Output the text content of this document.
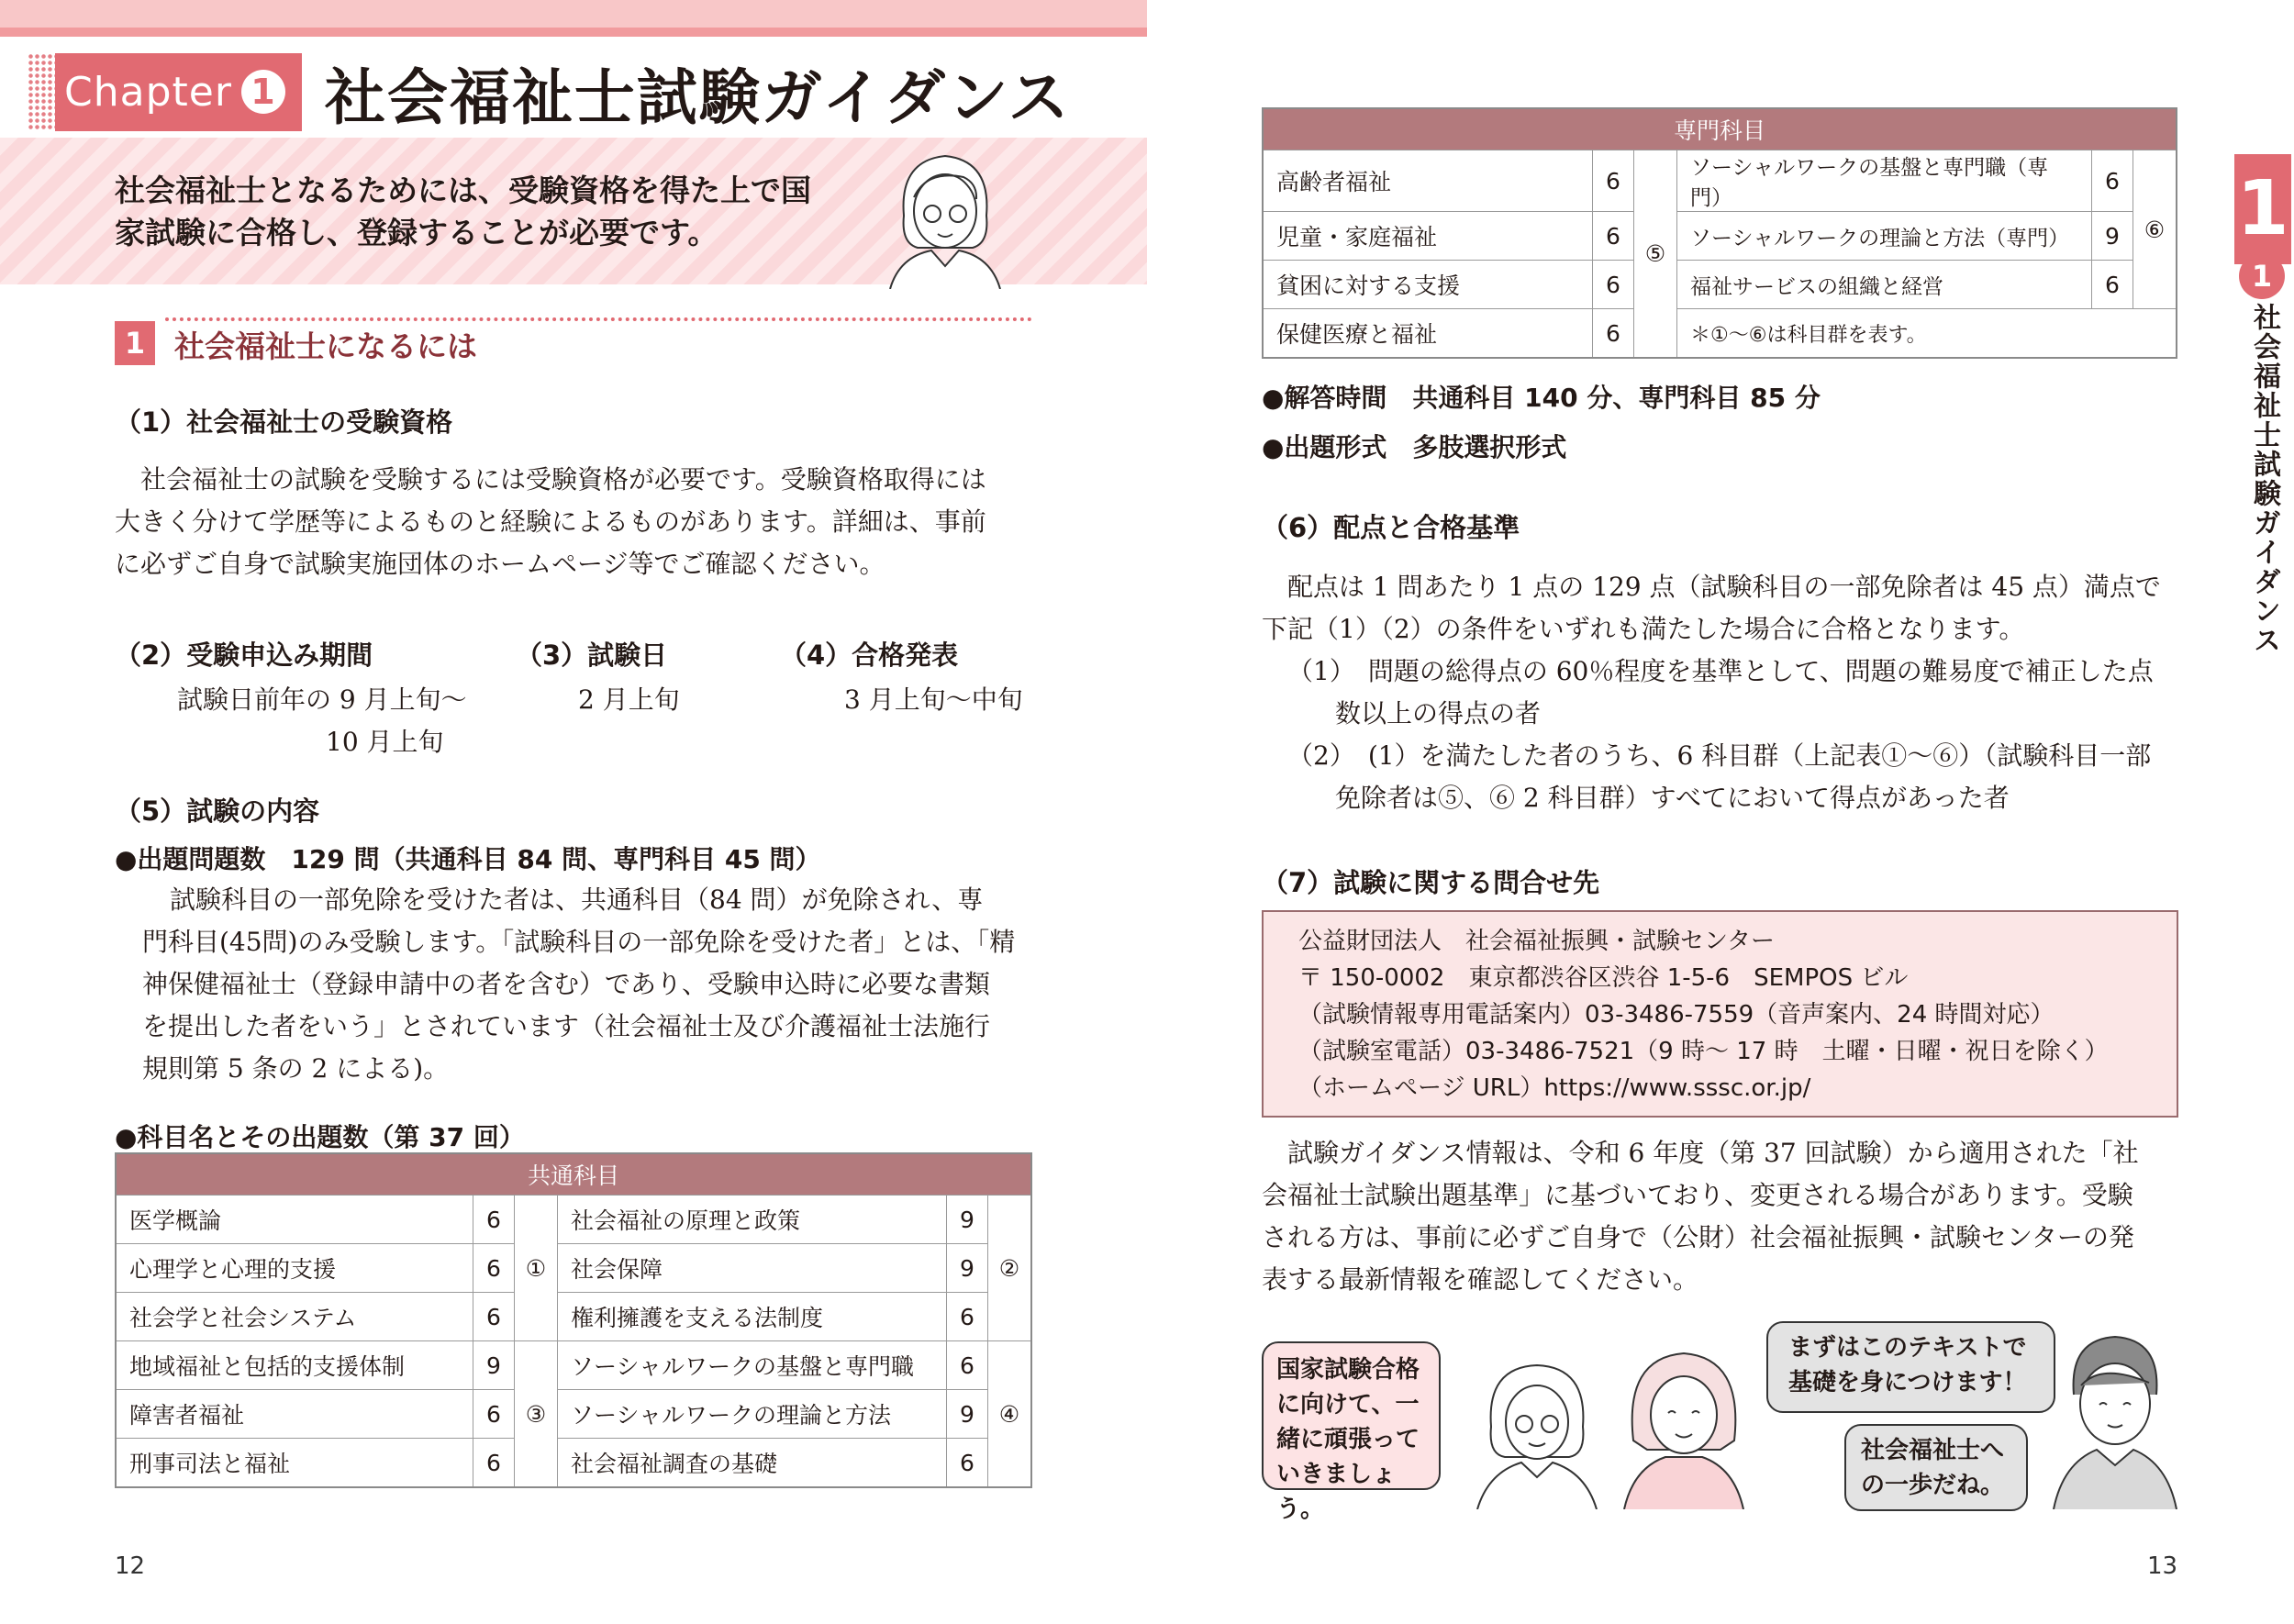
Chapter 1 社会福祉士試験ガイダンス
社会福祉士となるためには、受験資格を得た上で国
家試験に合格し、登録することが必要です。
1 社会福祉士になるには
（1）社会福祉士の受験資格
社会福祉士の試験を受験するには受験資格が必要です。受験資格取得には
大きく分けて学歴等によるものと経験によるものがあります。詳細は、事前
に必ずご自身で試験実施団体のホームページ等でご確認ください。
（2）受験申込み期間
試験日前年の 9 月上旬〜
10 月上旬
（3）試験日
2 月上旬
（4）合格発表
3 月上旬〜中旬
（5）試験の内容
●出題問題数　129 問（共通科目 84 問、専門科目 45 問）
試験科目の一部免除を受けた者は、共通科目（84 問）が免除され、専
門科目(45問)のみ受験します。「試験科目の一部免除を受けた者」とは、「精
神保健福祉士（登録申請中の者を含む）であり、受験申込時に必要な書類
を提出した者をいう」とされています（社会福祉士及び介護福祉士法施行
規則第 5 条の 2 による)。
●科目名とその出題数（第 37 回）
共通科目					
医学概論	6	①	社会福祉の原理と政策	9	②
心理学と心理的支援	6		社会保障	9	
社会学と社会システム	6		権利擁護を支える法制度	6	
地域福祉と包括的支援体制	9	③	ソーシャルワークの基盤と専門職	6	④
障害者福祉	6		ソーシャルワークの理論と方法	9	
刑事司法と福祉	6		社会福祉調査の基礎	6	
12
専門科目					
高齢者福祉	6	⑤	ソーシャルワークの基盤と専門職（専門）	6	⑥
児童・家庭福祉	6		ソーシャルワークの理論と方法（専門）	9	
貧困に対する支援	6		福祉サービスの組織と経営	6	
保健医療と福祉	6		＊①〜⑥は科目群を表す。		
●解答時間　共通科目 140 分、専門科目 85 分
●出題形式　多肢選択形式
（6）配点と合格基準
配点は 1 問あたり 1 点の 129 点（試験科目の一部免除者は 45 点）満点で
下記（1）（2）の条件をいずれも満たした場合に合格となります。
（1）　問題の総得点の 60％程度を基準として、問題の難易度で補正した点
数以上の得点の者
（2）　(1）を満たした者のうち、6 科目群（上記表①〜⑥）（試験科目一部
免除者は⑤、⑥ 2 科目群）すべてにおいて得点があった者
（7）試験に関する問合せ先
公益財団法人　社会福祉振興・試験センター
〒 150-0002　東京都渋谷区渋谷 1-5-6　SEMPOS ビル
（試験情報専用電話案内）03-3486-7559（音声案内、24 時間対応）
（試験室電話）03-3486-7521（9 時〜 17 時　土曜・日曜・祝日を除く）
（ホームページ URL）https://www.sssc.or.jp/
試験ガイダンス情報は、令和 6 年度（第 37 回試験）から適用された「社
会福祉士試験出題基準」に基づいており、変更される場合があります。受験
される方は、事前に必ずご自身で（公財）社会福祉振興・試験センターの発
表する最新情報を確認してください。
国家試験合格
に向けて、一
緒に頑張って
いきましょう。
まずはこのテキストで
基礎を身につけます！
社会福祉士へ
の一歩だね。
13
1
1
社会福祉士試験ガイダンス
